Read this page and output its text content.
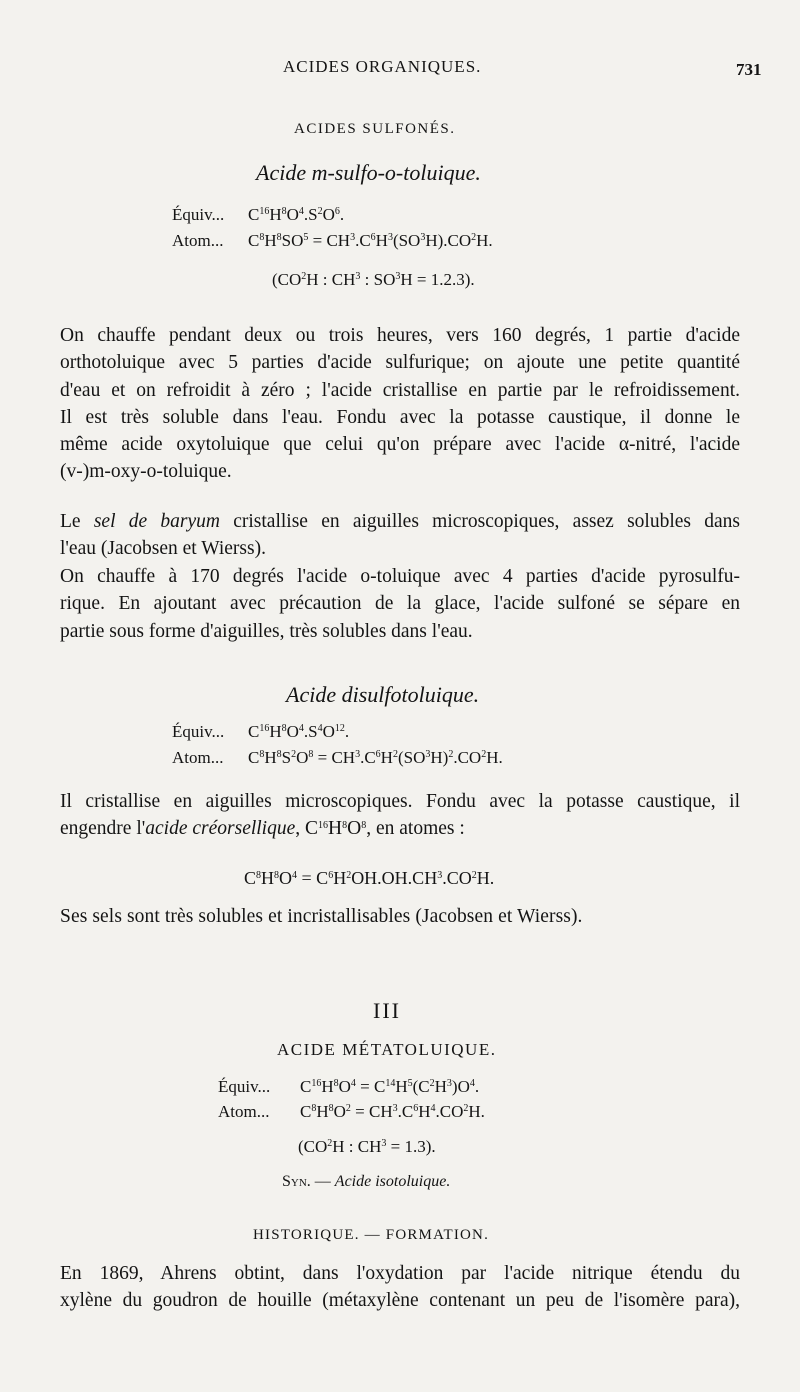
ACIDES ORGANIQUES.	731
ACIDES SULFONÉS.
Acide m-sulfo-o-toluique.
Équiv... $C^{16}H^8O^4.S^2O^6$.
Atom... $C^8H^8SO^5 = CH^3.C^6H^3(SO^3H).CO^2H$.
($CO^2H$ : $CH^3$ : $SO^3H = 1.2.3$).
On chauffe pendant deux ou trois heures, vers 160 degrés, 1 partie d'acide
orthotoluique avec 5 parties d'acide sulfurique; on ajoute une petite quantité
d'eau et on refroidit à zéro ; l'acide cristallise en partie par le refroidissement.
Il est très soluble dans l'eau. Fondu avec la potasse caustique, il donne le
même acide oxytoluique que celui qu'on prépare avec l'acide α-nitré, l'acide
(v-)m-oxy-o-toluique.
Le sel de baryum cristallise en aiguilles microscopiques, assez solubles dans
l'eau (Jacobsen et Wierss).
On chauffe à 170 degrés l'acide o-toluique avec 4 parties d'acide pyrosulfu-
rique. En ajoutant avec précaution de la glace, l'acide sulfoné se sépare en
partie sous forme d'aiguilles, très solubles dans l'eau.
Acide disulfotoluique.
Équiv... $C^{16}H^8O^4.S^4O^{12}$.
Atom... $C^8H^8S^2O^8 = CH^3.C^6H^2(SO^3H)^2.CO^2H$.
Il cristallise en aiguilles microscopiques. Fondu avec la potasse caustique, il
engendre l'acide créorsellique, $C^{16}H^8O^8$, en atomes :
$C^8H^8O^4 = C^6H^2OH.OH.CH^3.CO^2H$.
Ses sels sont très solubles et incristallisables (Jacobsen et Wierss).
III
ACIDE MÉTATOLUIQUE.
Équiv... $C^{16}H^8O^4 = C^{14}H^5(C^2H^3)O^4$.
Atom... $C^8H^8O^2 = CH^3.C^6H^4.CO^2H$.
($CO^2H$ : $CH^3 = 1.3$).
Syn. — Acide isotoluique.
HISTORIQUE. — FORMATION.
En 1869, Ahrens obtint, dans l'oxydation par l'acide nitrique étendu du
xylène du goudron de houille (métaxylène contenant un peu de l'isomère para),
